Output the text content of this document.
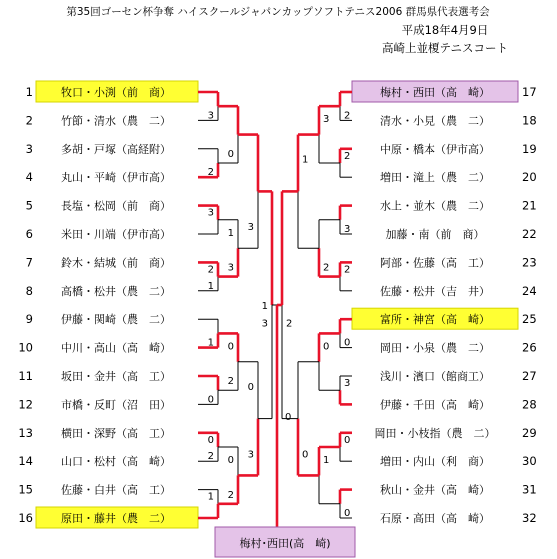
第35回ゴーセン杯争奪 ハイスクールジャパンカップソフトテニス2006 群馬県代表選考会
平成18年4月9日
高崎上並榎テニスコート
1	牧口・小渕（前　商）
2	竹節・清水（農　二）
3	多胡・戸塚（高経附）
4	丸山・平崎（伊市高）
5	長塩・松岡（前　商）
6	米田・川端（伊市高）
7	鈴木・結城（前　商）
8	高橋・松井（農　二）
9	伊藤・関崎（農　二）
10	中川・高山（高　崎）
11	坂田・金井（高　工）
12	市橋・反町（沼　田）
13	横田・深野（高　工）
14	山口・松村（高　崎）
15	佐藤・白井（高　工）
16	原田・藤井（農　二）
17
梅村・西田（高　崎）
18
清水・小見（農　二）
19
中原・橋本（伊市高）
20
増田・滝上（農　二）
21
水上・並木（農　二）
22
加藤・南（前　商）
23
阿部・佐藤（高　工）
24
佐藤・松井（吉　井）
25
富所・神宮（高　崎）
26
岡田・小泉（農　二）
27
浅川・濱口（館商工）
28
伊藤・千田（高　崎）
29
岡田・小枝指（農　二）
30
増田・内山（利　商）
31
秋山・金井（高　崎）
32
石原・高田（高　崎）
3
2
3
2
1
1
0
0
2
1
0
1
3
0
2
0
2
3
0
3
1
3
2
2
3
2
0
3
0
0
3
2
0
1
1
0
2
0
梅村･西田(高　崎)
